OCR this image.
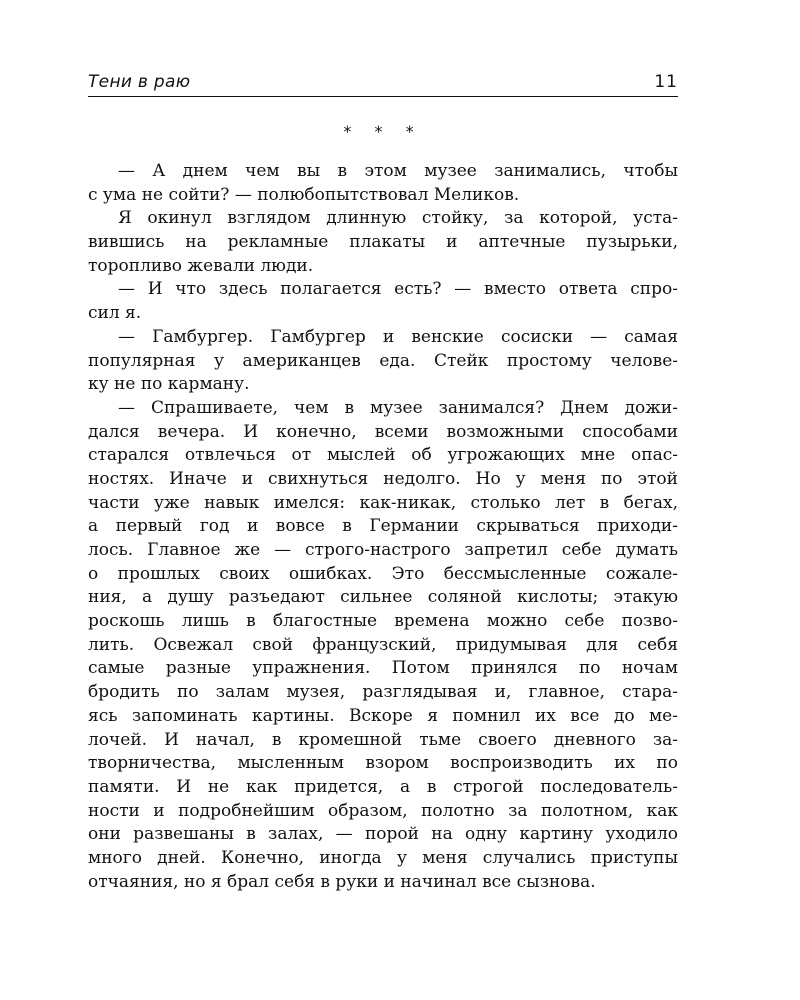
Тени в раю	11
* * *
— А днем чем вы в этом музее занимались, чтобы
с ума не сойти? — полюбопытствовал Меликов.
Я окинул взглядом длинную стойку, за которой, уста-
вившись на рекламные плакаты и аптечные пузырьки,
торопливо жевали люди.
— И что здесь полагается есть? — вместо ответа спро-
сил я.
— Гамбургер. Гамбургер и венские сосиски — самая
популярная у американцев еда. Стейк простому челове-
ку не по карману.
— Спрашиваете, чем в музее занимался? Днем дожи-
дался вечера. И конечно, всеми возможными способами
старался отвлечься от мыслей об угрожающих мне опас-
ностях. Иначе и свихнуться недолго. Но у меня по этой
части уже навык имелся: как-никак, столько лет в бегах,
а первый год и вовсе в Германии скрываться приходи-
лось. Главное же — строго-настрого запретил себе думать
о прошлых своих ошибках. Это бессмысленные сожале-
ния, а душу разъедают сильнее соляной кислоты; этакую
роскошь лишь в благостные времена можно себе позво-
лить. Освежал свой французский, придумывая для себя
самые разные упражнения. Потом принялся по ночам
бродить по залам музея, разглядывая и, главное, стара-
ясь запоминать картины. Вскоре я помнил их все до ме-
лочей. И начал, в кромешной тьме своего дневного за-
творничества, мысленным взором воспроизводить их по
памяти. И не как придется, а в строгой последователь-
ности и подробнейшим образом, полотно за полотном, как
они развешаны в залах, — порой на одну картину уходило
много дней. Конечно, иногда у меня случались приступы
отчаяния, но я брал себя в руки и начинал все сызнова.
